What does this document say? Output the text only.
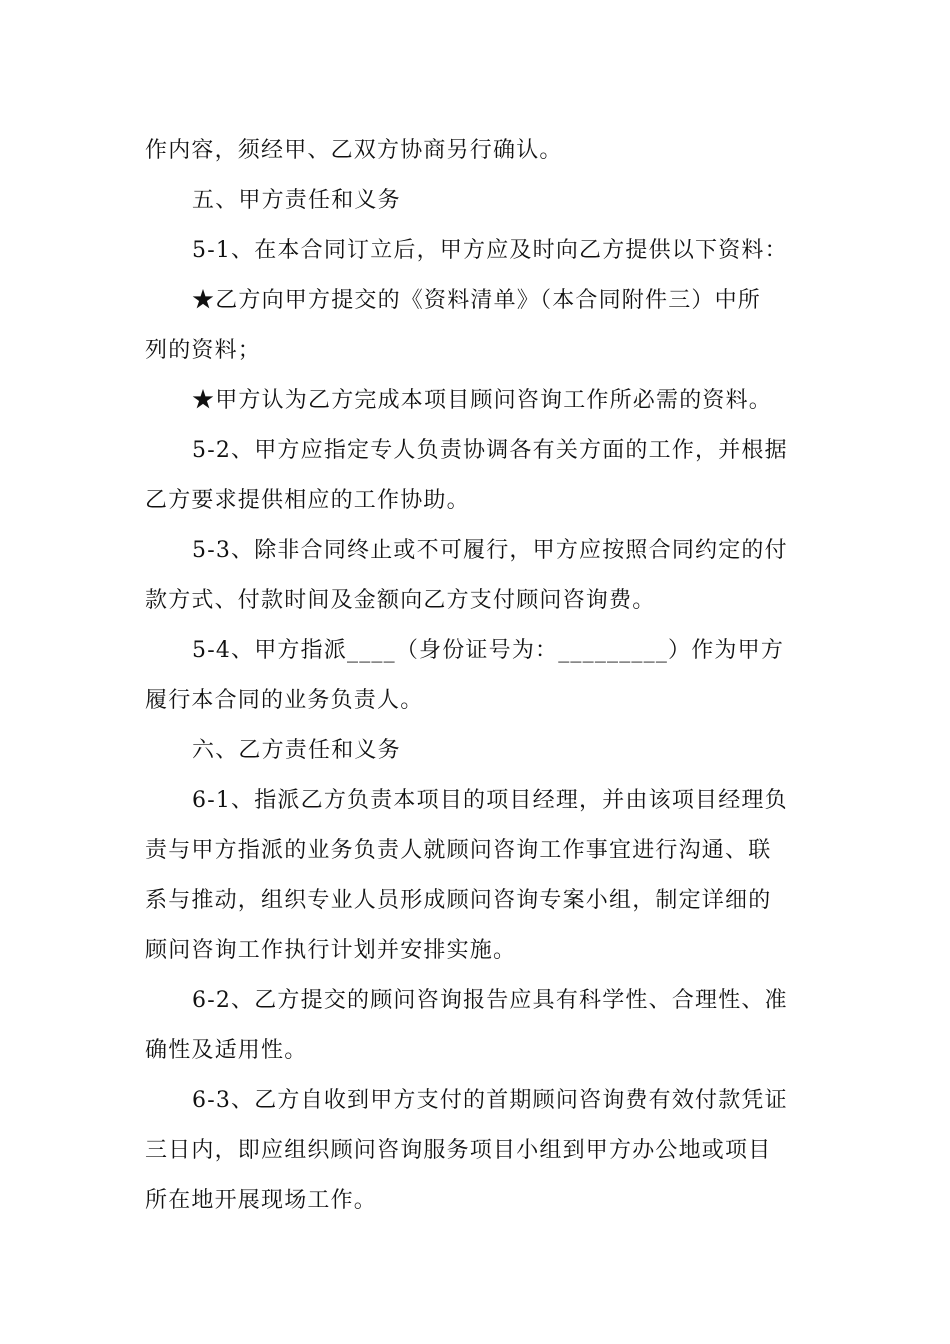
作内容，须经甲、乙双方协商另行确认。
五、甲方责任和义务
5-1、在本合同订立后，甲方应及时向乙方提供以下资料：
★乙方向甲方提交的《资料清单》（本合同附件三）中所
列的资料；
★甲方认为乙方完成本项目顾问咨询工作所必需的资料。
5-2、甲方应指定专人负责协调各有关方面的工作，并根据
乙方要求提供相应的工作协助。
5-3、除非合同终止或不可履行，甲方应按照合同约定的付
款方式、付款时间及金额向乙方支付顾问咨询费。
5-4、甲方指派____（身份证号为：_________）作为甲方
履行本合同的业务负责人。
六、乙方责任和义务
6-1、指派乙方负责本项目的项目经理，并由该项目经理负
责与甲方指派的业务负责人就顾问咨询工作事宜进行沟通、联
系与推动，组织专业人员形成顾问咨询专案小组，制定详细的
顾问咨询工作执行计划并安排实施。
6-2、乙方提交的顾问咨询报告应具有科学性、合理性、准
确性及适用性。
6-3、乙方自收到甲方支付的首期顾问咨询费有效付款凭证
三日内，即应组织顾问咨询服务项目小组到甲方办公地或项目
所在地开展现场工作。
